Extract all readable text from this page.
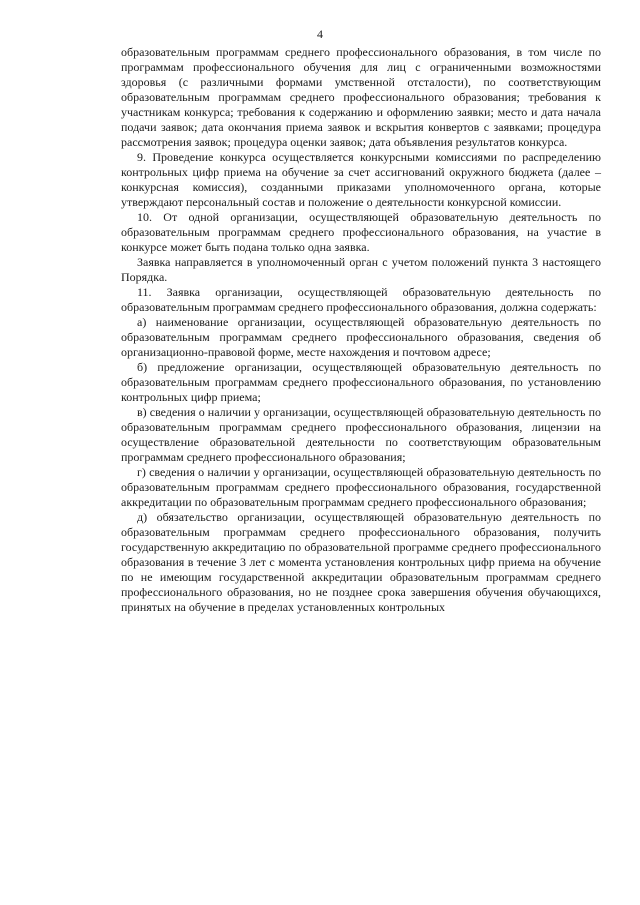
4

образовательным программам среднего профессионального образования, в том числе по программам профессионального обучения для лиц с ограниченными возможностями здоровья (с различными формами умственной отсталости), по соответствующим образовательным программам среднего профессионального образования; требования к участникам конкурса; требования к содержанию и оформлению заявки; место и дата начала подачи заявок; дата окончания приема заявок и вскрытия конвертов с заявками; процедура рассмотрения заявок; процедура оценки заявок; дата объявления результатов конкурса.

9. Проведение конкурса осуществляется конкурсными комиссиями по распределению контрольных цифр приема на обучение за счет ассигнований окружного бюджета (далее – конкурсная комиссия), созданными приказами уполномоченного органа, которые утверждают персональный состав и положение о деятельности конкурсной комиссии.

10. От одной организации, осуществляющей образовательную деятельность по образовательным программам среднего профессионального образования, на участие в конкурсе может быть подана только одна заявка.

Заявка направляется в уполномоченный орган с учетом положений пункта 3 настоящего Порядка.

11. Заявка организации, осуществляющей образовательную деятельность по образовательным программам среднего профессионального образования, должна содержать:

а) наименование организации, осуществляющей образовательную деятельность по образовательным программам среднего профессионального образования, сведения об организационно-правовой форме, месте нахождения и почтовом адресе;

б) предложение организации, осуществляющей образовательную деятельность по образовательным программам среднего профессионального образования, по установлению контрольных цифр приема;

в) сведения о наличии у организации, осуществляющей образовательную деятельность по образовательным программам среднего профессионального образования, лицензии на осуществление образовательной деятельности по соответствующим образовательным программам среднего профессионального образования;

г) сведения о наличии у организации, осуществляющей образовательную деятельность по образовательным программам среднего профессионального образования, государственной аккредитации по образовательным программам среднего профессионального образования;

д) обязательство организации, осуществляющей образовательную деятельность по образовательным программам среднего профессионального образования, получить государственную аккредитацию по образовательной программе среднего профессионального образования в течение 3 лет с момента установления контрольных цифр приема на обучение по не имеющим государственной аккредитации образовательным программам среднего профессионального образования, но не позднее срока завершения обучения обучающихся, принятых на обучение в пределах установленных контрольных
